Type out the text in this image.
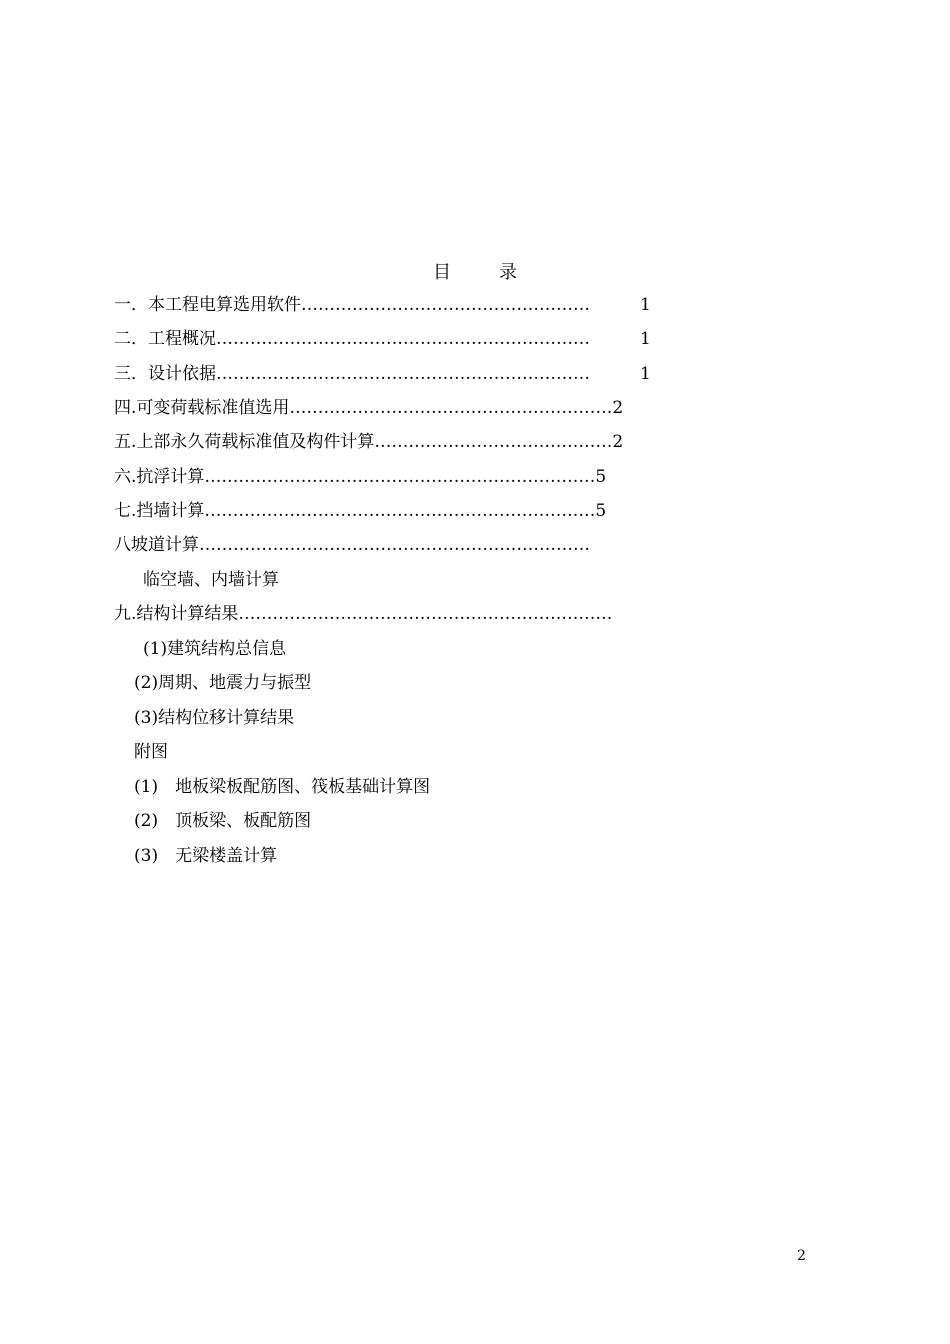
目	录
一．本工程电算选用软件……………………………………………	1
二．工程概况…………………………………………………………	1
三．设计依据…………………………………………………………	1
四.可变荷载标准值选用…………………………………………………2
五.上部永久荷载标准值及构件计算……………………………………2
六.抗浮计算……………………………………………………………5
七.挡墙计算……………………………………………………………5
八坡道计算……………………………………………………………
临空墙、内墙计算
九.结构计算结果…………………………………………………………
(1)建筑结构总信息
(2)周期、地震力与振型
(3)结构位移计算结果
附图
(1)　地板梁板配筋图、筏板基础计算图
(2)　顶板梁、板配筋图
(3)　无梁楼盖计算
2
